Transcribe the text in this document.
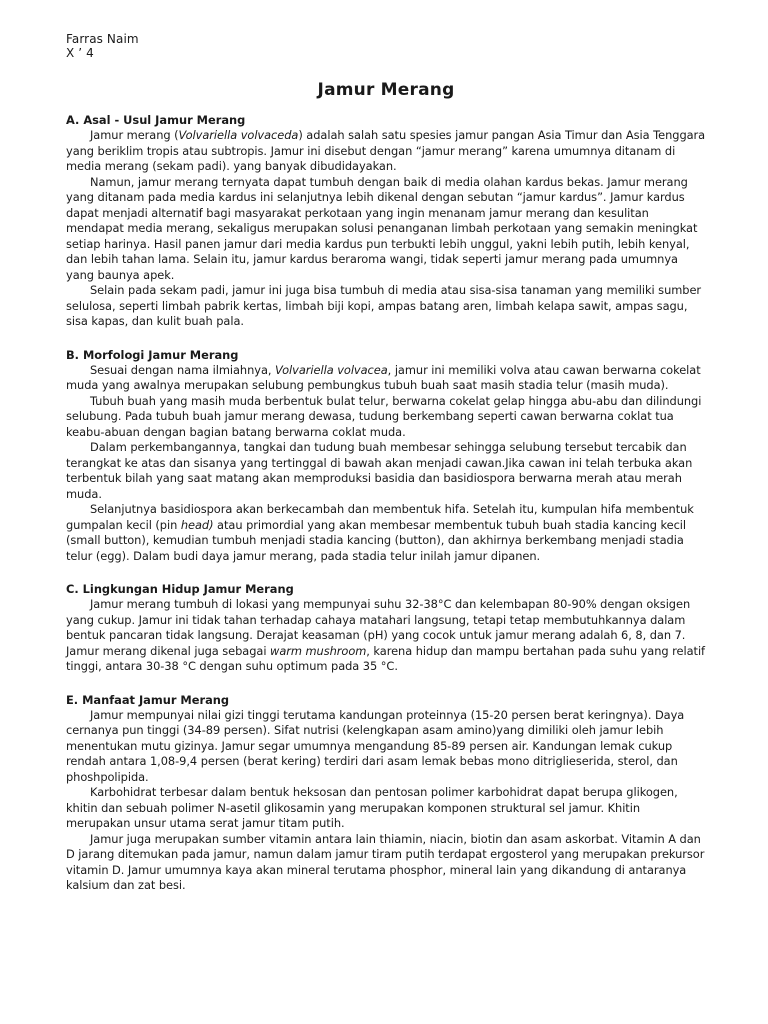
Farras Naim
X ’ 4
Jamur Merang
A. Asal - Usul Jamur Merang

Jamur merang (Volvariella volvaceda) adalah salah satu spesies jamur pangan Asia Timur dan Asia Tenggara yang beriklim tropis atau subtropis. Jamur ini disebut dengan “jamur merang” karena umumnya ditanam di media merang (sekam padi). yang banyak dibudidayakan.

Namun, jamur merang ternyata dapat tumbuh dengan baik di media olahan kardus bekas. Jamur merang yang ditanam pada media kardus ini selanjutnya lebih dikenal dengan sebutan “jamur kardus”. Jamur kardus dapat menjadi alternatif bagi masyarakat perkotaan yang ingin menanam jamur merang dan kesulitan mendapat media merang, sekaligus merupakan solusi penanganan limbah perkotaan yang semakin meningkat setiap harinya. Hasil panen jamur dari media kardus pun terbukti lebih unggul, yakni lebih putih, lebih kenyal, dan lebih tahan lama. Selain itu, jamur kardus beraroma wangi, tidak seperti jamur merang pada umumnya yang baunya apek.

Selain pada sekam padi, jamur ini juga bisa tumbuh di media atau sisa-sisa tanaman yang memiliki sumber selulosa, seperti limbah pabrik kertas, limbah biji kopi, ampas batang aren, limbah kelapa sawit, ampas sagu, sisa kapas, dan kulit buah pala.

B. Morfologi Jamur Merang

Sesuai dengan nama ilmiahnya, Volvariella volvacea, jamur ini memiliki volva atau cawan berwarna cokelat muda yang awalnya merupakan selubung pembungkus tubuh buah saat masih stadia telur (masih muda).

Tubuh buah yang masih muda berbentuk bulat telur, berwarna cokelat gelap hingga abu-abu dan dilindungi selubung. Pada tubuh buah jamur merang dewasa, tudung berkembang seperti cawan berwarna coklat tua keabu-abuan dengan bagian batang berwarna coklat muda.

Dalam perkembangannya, tangkai dan tudung buah membesar sehingga selubung tersebut tercabik dan terangkat ke atas dan sisanya yang tertinggal di bawah akan menjadi cawan.Jika cawan ini telah terbuka akan terbentuk bilah yang saat matang akan memproduksi basidia dan basidiospora berwarna merah atau merah muda.

Selanjutnya basidiospora akan berkecambah dan membentuk hifa. Setelah itu, kumpulan hifa membentuk gumpalan kecil (pin head) atau primordial yang akan membesar membentuk tubuh buah stadia kancing kecil (small button), kemudian tumbuh menjadi stadia kancing (button), dan akhirnya berkembang menjadi stadia telur (egg). Dalam budi daya jamur merang, pada stadia telur inilah jamur dipanen.

C. Lingkungan Hidup Jamur Merang

Jamur merang tumbuh di lokasi yang mempunyai suhu 32-38°C dan kelembapan 80-90% dengan oksigen yang cukup. Jamur ini tidak tahan terhadap cahaya matahari langsung, tetapi tetap membutuhkannya dalam bentuk pancaran tidak langsung. Derajat keasaman (pH) yang cocok untuk jamur merang adalah 6, 8, dan 7. Jamur merang dikenal juga sebagai warm mushroom, karena hidup dan mampu bertahan pada suhu yang relatif tinggi, antara 30-38 °C dengan suhu optimum pada 35 °C.

E. Manfaat Jamur Merang

Jamur mempunyai nilai gizi tinggi terutama kandungan proteinnya (15-20 persen berat keringnya). Daya cernanya pun tinggi (34-89 persen). Sifat nutrisi (kelengkapan asam amino)yang dimiliki oleh jamur lebih menentukan mutu gizinya. Jamur segar umumnya mengandung 85-89 persen air. Kandungan lemak cukup rendah antara 1,08-9,4 persen (berat kering) terdiri dari asam lemak bebas mono ditriglieserida, sterol, dan phoshpolipida.

Karbohidrat terbesar dalam bentuk heksosan dan pentosan polimer karbohidrat dapat berupa glikogen, khitin dan sebuah polimer N-asetil glikosamin yang merupakan komponen struktural sel jamur. Khitin merupakan unsur utama serat jamur titam putih.

Jamur juga merupakan sumber vitamin antara lain thiamin, niacin, biotin dan asam askorbat. Vitamin A dan D jarang ditemukan pada jamur, namun dalam jamur tiram putih terdapat ergosterol yang merupakan prekursor vitamin D. Jamur umumnya kaya akan mineral terutama phosphor, mineral lain yang dikandung di antaranya kalsium dan zat besi.
